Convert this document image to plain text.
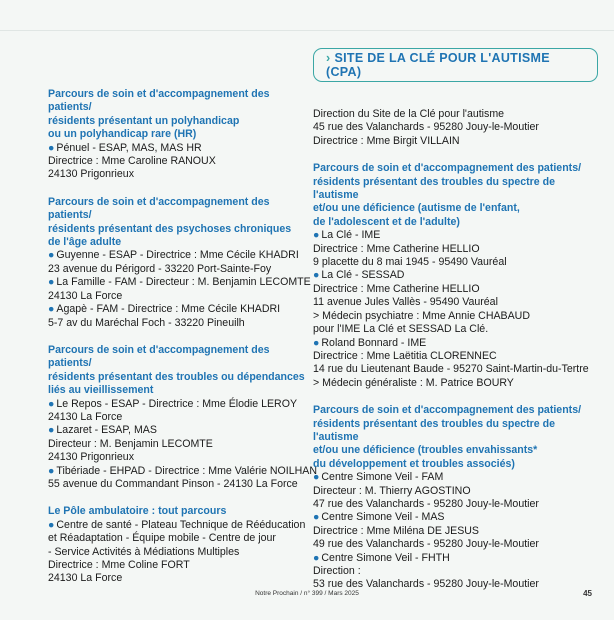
Parcours de soin et d'accompagnement des patients/
résidents présentant un polyhandicap
ou un polyhandicap rare (HR)
● Pénuel - ESAP, MAS, MAS HR
Directrice : Mme Caroline RANOUX
24130 Prigonrieux
Parcours de soin et d'accompagnement des patients/
résidents présentant des psychoses chroniques
de l'âge adulte
● Guyenne - ESAP - Directrice : Mme Cécile KHADRI
23 avenue du Périgord - 33220 Port-Sainte-Foy
● La Famille - FAM - Directeur : M. Benjamin LECOMTE
24130 La Force
● Agapè - FAM - Directrice : Mme Cécile KHADRI
5-7 av du Maréchal Foch - 33220 Pineuilh
Parcours de soin et d'accompagnement des patients/
résidents présentant des troubles ou dépendances
liés au vieillissement
● Le Repos - ESAP - Directrice : Mme Élodie LEROY
24130 La Force
● Lazaret - ESAP, MAS
Directeur : M. Benjamin LECOMTE
24130 Prigonrieux
● Tibériade - EHPAD - Directrice : Mme Valérie NOILHAN
55 avenue du Commandant Pinson - 24130 La Force
Le Pôle ambulatoire : tout parcours
● Centre de santé - Plateau Technique de Rééducation
et Réadaptation - Équipe mobile - Centre de jour
- Service Activités à Médiations Multiples
Directrice : Mme Coline FORT
24130 La Force
› SITE DE LA CLÉ POUR L'AUTISME (CPA)
Direction du Site de la Clé pour l'autisme
45 rue des Valanchards - 95280 Jouy-le-Moutier
Directrice : Mme Birgit VILLAIN
Parcours de soin et d'accompagnement des patients/
résidents présentant des troubles du spectre de l'autisme
et/ou une déficience (autisme de l'enfant,
de l'adolescent et de l'adulte)
● La Clé - IME
Directrice : Mme Catherine HELLIO
9 placette du 8 mai 1945 - 95490 Vauréal
● La Clé - SESSAD
Directrice : Mme Catherine HELLIO
11 avenue Jules Vallès - 95490 Vauréal
> Médecin psychiatre : Mme Annie CHABAUD
pour l'IME La Clé et SESSAD La Clé.
● Roland Bonnard - IME
Directrice : Mme Laëtitia CLORENNEC
14 rue du Lieutenant Baude - 95270 Saint-Martin-du-Tertre
> Médecin généraliste : M. Patrice BOURY
Parcours de soin et d'accompagnement des patients/
résidents présentant des troubles du spectre de l'autisme
et/ou une déficience (troubles envahissants*
du développement et troubles associés)
● Centre Simone Veil - FAM
Directeur : M. Thierry AGOSTINO
47 rue des Valanchards - 95280 Jouy-le-Moutier
● Centre Simone Veil - MAS
Directrice : Mme Miléna DE JESUS
49 rue des Valanchards - 95280 Jouy-le-Moutier
● Centre Simone Veil - FHTH
Direction :
53 rue des Valanchards - 95280 Jouy-le-Moutier
Notre Prochain / n° 399 / Mars 2025	45
